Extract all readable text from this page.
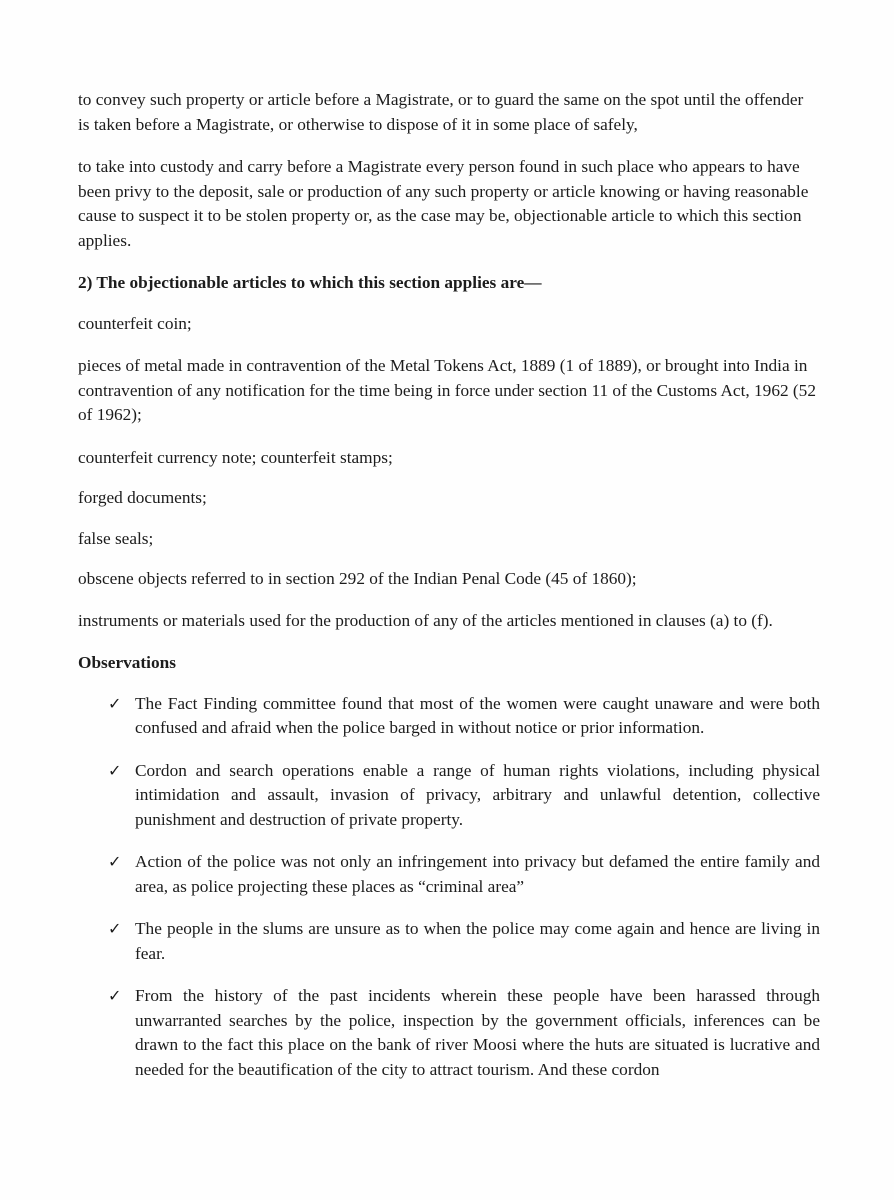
to convey such property or article before a Magistrate, or to guard the same on the spot until the offender is taken before a Magistrate, or otherwise to dispose of it in some place of safely,

to take into custody and carry before a Magistrate every person found in such place who appears to have been privy to the deposit, sale or production of any such property or article knowing or having reasonable cause to suspect it to be stolen property or, as the case may be, objectionable article to which this section applies.

2) The objectionable articles to which this section applies are—

counterfeit coin;

pieces of metal made in contravention of the Metal Tokens Act, 1889 (1 of 1889), or brought into India in contravention of any notification for the time being in force under section 11 of the Customs Act, 1962 (52 of 1962);

counterfeit currency note; counterfeit stamps;

forged documents;

false seals;

obscene objects referred to in section 292 of the Indian Penal Code (45 of 1860);

instruments or materials used for the production of any of the articles mentioned in clauses (a) to (f).

Observations

✓ The Fact Finding committee found that most of the women were caught unaware and were both confused and afraid when the police barged in without notice or prior information.
✓ Cordon and search operations enable a range of human rights violations, including physical intimidation and assault, invasion of privacy, arbitrary and unlawful detention, collective punishment and destruction of private property.
✓ Action of the police was not only an infringement into privacy but defamed the entire family and area, as police projecting these places as “criminal area”
✓ The people in the slums are unsure as to when the police may come again and hence are living in fear.
✓ From the history of the past incidents wherein these people have been harassed through unwarranted searches by the police, inspection by the government officials, inferences can be drawn to the fact this place on the bank of river Moosi where the huts are situated is lucrative and needed for the beautification of the city to attract tourism. And these cordon
